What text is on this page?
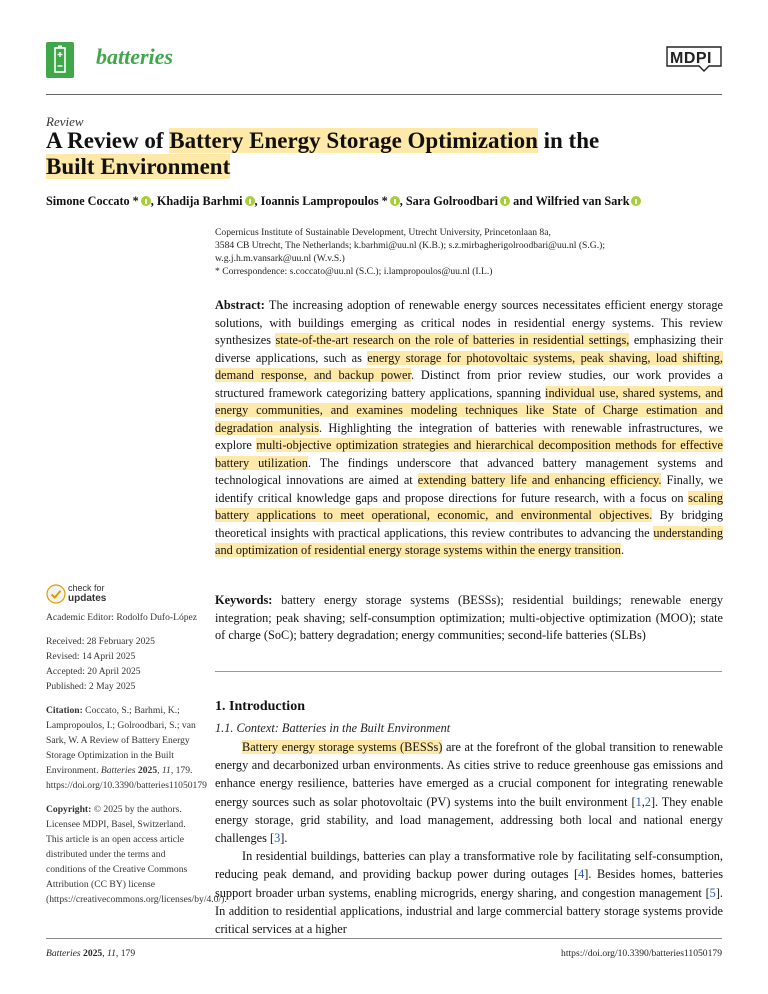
batteries	MDPI
Review
A Review of Battery Energy Storage Optimization in the
Built Environment
Simone Coccato * , Khadija Barhmi , Ioannis Lampropoulos * , Sara Golroodbari and Wilfried van Sark
Copernicus Institute of Sustainable Development, Utrecht University, Princetonlaan 8a,
3584 CB Utrecht, The Netherlands; k.barhmi@uu.nl (K.B.); s.z.mirbagherigolroodbari@uu.nl (S.G.);
w.g.j.h.m.vansark@uu.nl (W.v.S.)
* Correspondence: s.coccato@uu.nl (S.C.); i.lampropoulos@uu.nl (I.L.)

Abstract: The increasing adoption of renewable energy sources necessitates efficient energy storage solutions, with buildings emerging as critical nodes in residential energy systems. This review synthesizes state-of-the-art research on the role of batteries in residential settings, emphasizing their diverse applications, such as energy storage for photovoltaic systems, peak shaving, load shifting, demand response, and backup power. Distinct from prior review studies, our work provides a structured framework categorizing battery applications, spanning individual use, shared systems, and energy communities, and examines modeling techniques like State of Charge estimation and degradation analysis. Highlighting the integration of batteries with renewable infrastructures, we explore multi-objective optimization strategies and hierarchical decomposition methods for effective battery utilization. The findings underscore that advanced battery management systems and technological innovations are aimed at extending battery life and enhancing efficiency. Finally, we identify critical knowledge gaps and propose directions for future research, with a focus on scaling battery applications to meet operational, economic, and environmental objectives. By bridging theoretical insights with practical applications, this review contributes to advancing the understanding and optimization of residential energy storage systems within the energy transition.

Keywords: battery energy storage systems (BESSs); residential buildings; renewable energy integration; peak shaving; self-consumption optimization; multi-objective optimization (MOO); state of charge (SoC); battery degradation; energy communities; second-life batteries (SLBs)

check for
updates
Academic Editor: Rodolfo Dufo-López
Received: 28 February 2025
Revised: 14 April 2025
Accepted: 20 April 2025
Published: 2 May 2025
Citation: Coccato, S.; Barhmi, K.; Lampropoulos, I.; Golroodbari, S.; van Sark, W. A Review of Battery Energy Storage Optimization in the Built Environment. Batteries 2025, 11, 179. https://doi.org/10.3390/batteries11050179
Copyright: © 2025 by the authors. Licensee MDPI, Basel, Switzerland. This article is an open access article distributed under the terms and conditions of the Creative Commons Attribution (CC BY) license (https://creativecommons.org/licenses/by/4.0/).
1. Introduction
1.1. Context: Batteries in the Built Environment

Battery energy storage systems (BESSs) are at the forefront of the global transition to renewable energy and decarbonized urban environments. As cities strive to reduce greenhouse gas emissions and enhance energy resilience, batteries have emerged as a crucial component for integrating renewable energy sources such as solar photovoltaic (PV) systems into the built environment [1,2]. They enable energy storage, grid stability, and load management, addressing both local and national energy challenges [3].

In residential buildings, batteries can play a transformative role by facilitating self-consumption, reducing peak demand, and providing backup power during outages [4]. Besides homes, batteries support broader urban systems, enabling microgrids, energy sharing, and congestion management [5]. In addition to residential applications, industrial and large commercial battery storage systems provide critical services at a higher

Batteries 2025, 11, 179	https://doi.org/10.3390/batteries11050179
